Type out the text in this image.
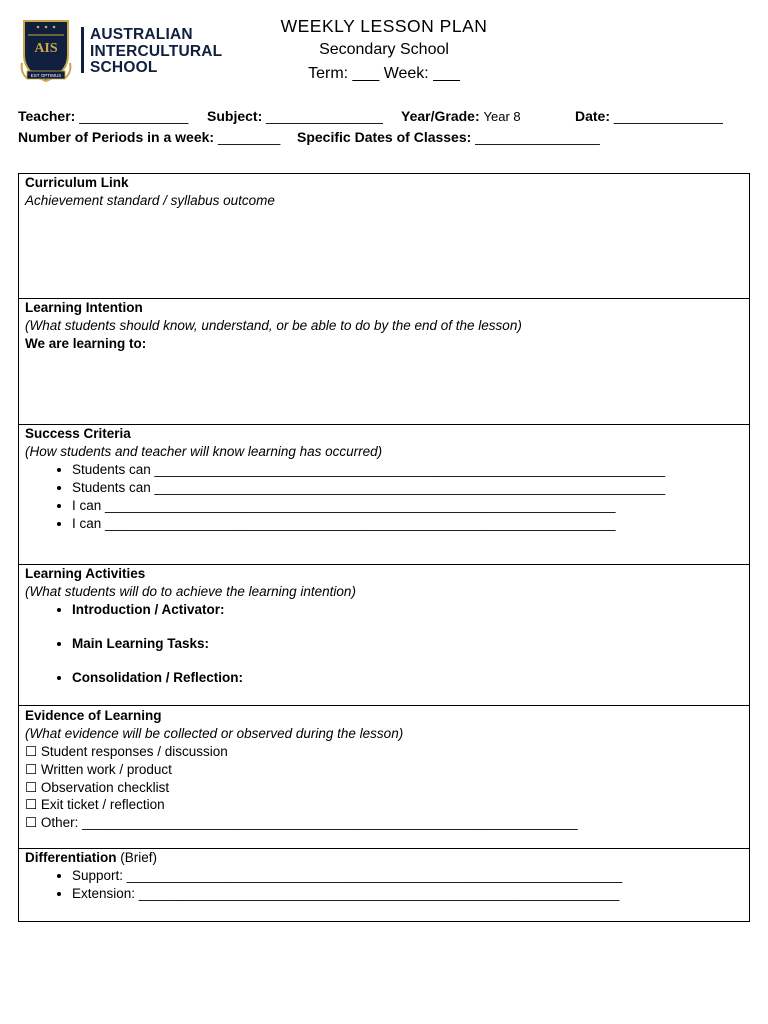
AIS
EST OPTIMUS
AUSTRALIAN
INTERCULTURAL
SCHOOL
WEEKLY LESSON PLAN
Secondary School
Term: ___ Week: ___
Teacher: ______________ Subject: _______________ Year/Grade: Year 8	Date: ______________
Number of Periods in a week: ________ Specific Dates of Classes: ________________
Curriculum Link
Achievement standard / syllabus outcome
Learning Intention
(What students should know, understand, or be able to do by the end of the lesson)
We are learning to:
Success Criteria
(How students and teacher will know learning has occurred)
• Students can ____________________________________________________________________
• Students can ____________________________________________________________________
• I can ____________________________________________________________________
• I can ____________________________________________________________________
Learning Activities
(What students will do to achieve the learning intention)
• Introduction / Activator:
• Main Learning Tasks:
• Consolidation / Reflection:
Evidence of Learning
(What evidence will be collected or observed during the lesson)
☐ Student responses / discussion
☐ Written work / product
☐ Observation checklist
☐ Exit ticket / reflection
☐ Other: __________________________________________________________________
Differentiation (Brief)
• Support: __________________________________________________________________
• Extension: ________________________________________________________________
